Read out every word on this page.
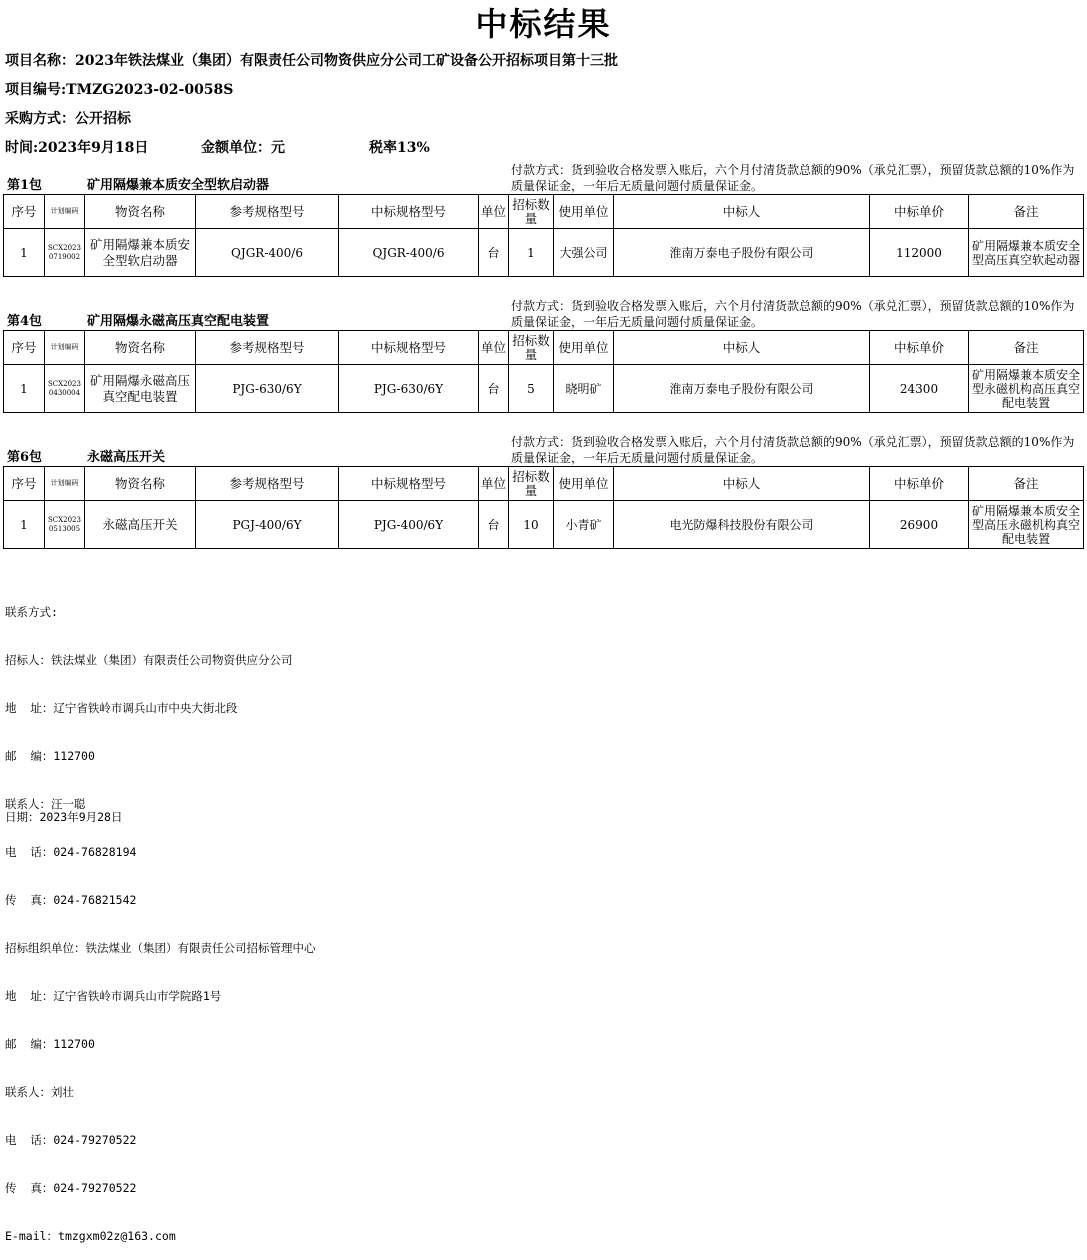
中标结果
项目名称：2023年铁法煤业（集团）有限责任公司物资供应分公司工矿设备公开招标项目第十三批
项目编号:TMZG2023-02-0058S
采购方式：公开招标
时间:2023年9月18日	金额单位：元	税率13%
第1包	矿用隔爆兼本质安全型软启动器
付款方式：货到验收合格发票入账后，六个月付清货款总额的90%（承兑汇票），预留货款总额的10%作为质量保证金，一年后无质量问题付质量保证金。
序号	计划编码	物资名称	参考规格型号	中标规格型号	单位	招标数量	使用单位	中标人	中标单价	备注
1	SCX2023 0719002	矿用隔爆兼本质安全型软启动器	QJGR-400/6	QJGR-400/6	台	1	大强公司	淮南万泰电子股份有限公司	112000	矿用隔爆兼本质安全型高压真空软起动器
第4包	矿用隔爆永磁高压真空配电装置
付款方式：货到验收合格发票入账后，六个月付清货款总额的90%（承兑汇票），预留货款总额的10%作为质量保证金，一年后无质量问题付质量保证金。
序号	计划编码	物资名称	参考规格型号	中标规格型号	单位	招标数量	使用单位	中标人	中标单价	备注
1	SCX2023 0430004	矿用隔爆永磁高压真空配电装置	PJG-630/6Y	PJG-630/6Y	台	5	晓明矿	淮南万泰电子股份有限公司	24300	矿用隔爆兼本质安全型永磁机构高压真空配电装置
第6包	永磁高压开关
付款方式：货到验收合格发票入账后，六个月付清货款总额的90%（承兑汇票），预留货款总额的10%作为质量保证金，一年后无质量问题付质量保证金。
序号	计划编码	物资名称	参考规格型号	中标规格型号	单位	招标数量	使用单位	中标人	中标单价	备注
1	SCX2023 0513005	永磁高压开关	PGJ-400/6Y	PJG-400/6Y	台	10	小青矿	电光防爆科技股份有限公司	26900	矿用隔爆兼本质安全型高压永磁机构真空配电装置

联系方式:

招标人：铁法煤业（集团）有限责任公司物资供应分公司

地  址：辽宁省铁岭市调兵山市中央大街北段

邮  编：112700

联系人：汪一聪

电  话：024-76828194

传  真：024-76821542

招标组织单位：铁法煤业（集团）有限责任公司招标管理中心

地  址：辽宁省铁岭市调兵山市学院路1号

邮  编：112700

联系人：刘壮

电  话：024-79270522

传  真：024-79270522

E-mail：tmzgxm02z@163.com

日期：2023年9月28日
